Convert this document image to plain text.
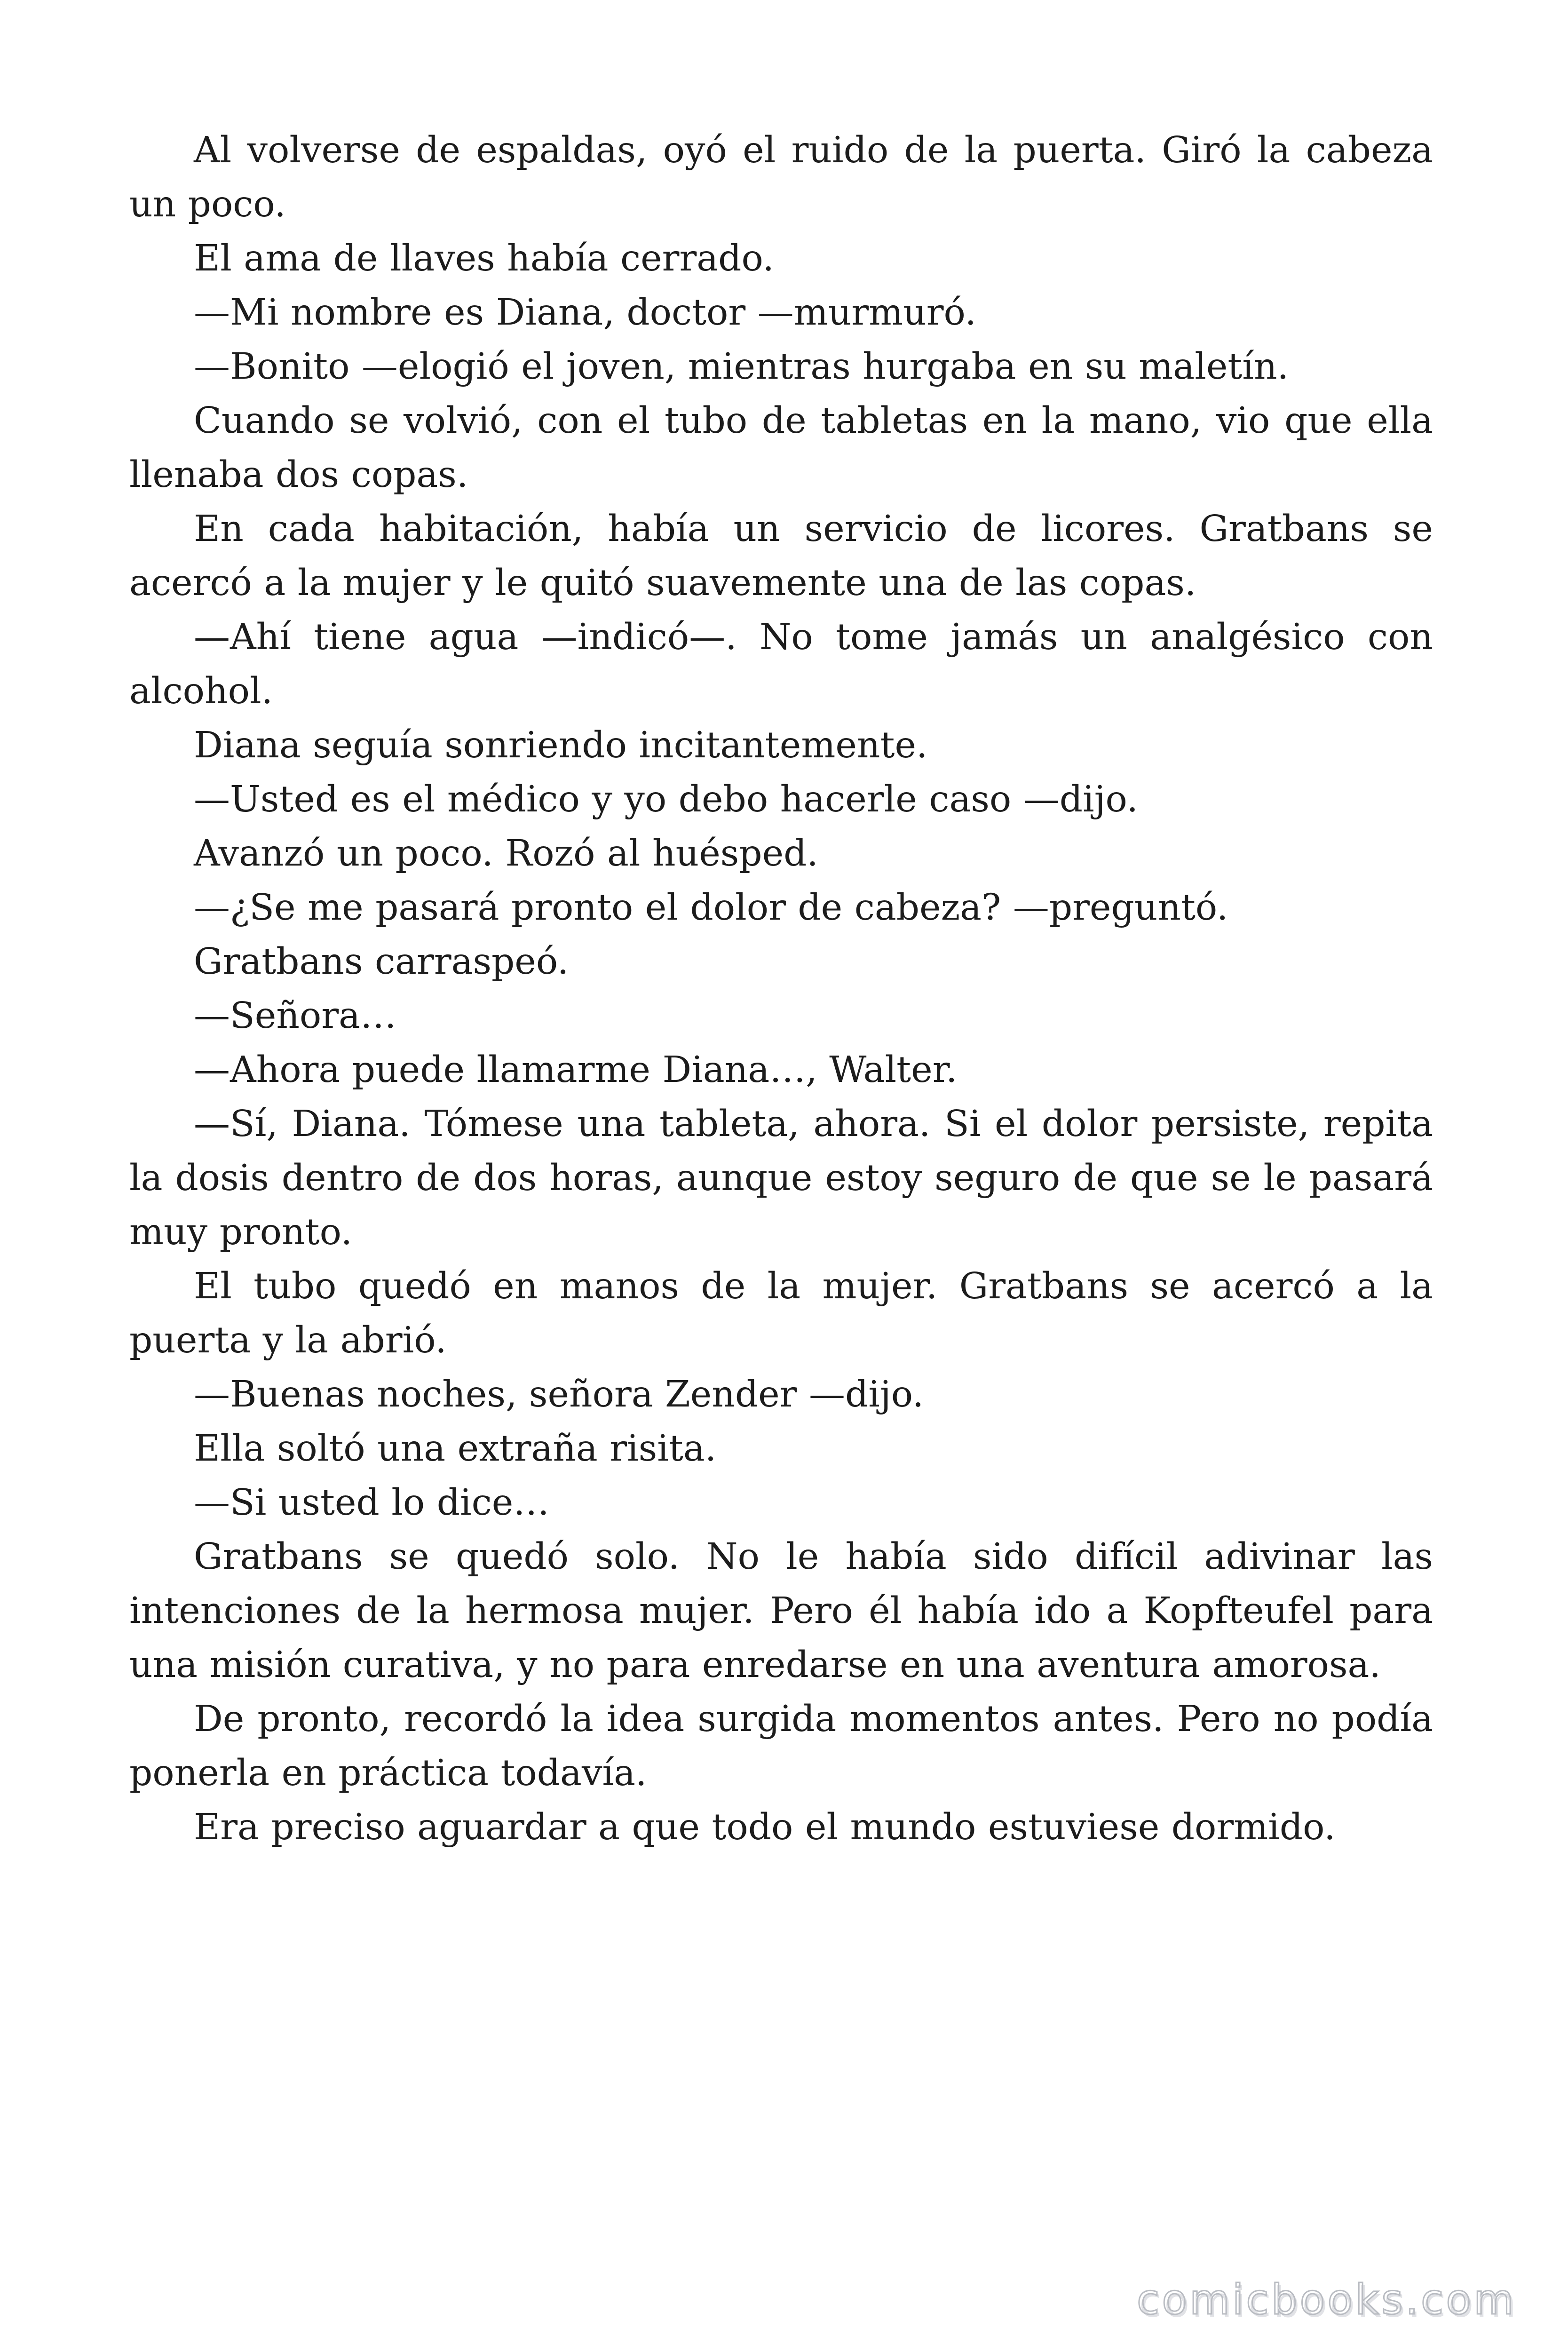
Al volverse de espaldas, oyó el ruido de la puerta. Giró la cabeza un poco.

El ama de llaves había cerrado.

—Mi nombre es Diana, doctor —murmuró.

—Bonito —elogió el joven, mientras hurgaba en su maletín.

Cuando se volvió, con el tubo de tabletas en la mano, vio que ella llenaba dos copas.

En cada habitación, había un servicio de licores. Gratbans se acercó a la mujer y le quitó suavemente una de las copas.

—Ahí tiene agua —indicó—. No tome jamás un analgésico con alcohol.

Diana seguía sonriendo incitantemente.

—Usted es el médico y yo debo hacerle caso —dijo.

Avanzó un poco. Rozó al huésped.

—¿Se me pasará pronto el dolor de cabeza? —preguntó.

Gratbans carraspeó.

—Señora…

—Ahora puede llamarme Diana…, Walter.

—Sí, Diana. Tómese una tableta, ahora. Si el dolor persiste, repita la dosis dentro de dos horas, aunque estoy seguro de que se le pasará muy pronto.

El tubo quedó en manos de la mujer. Gratbans se acercó a la puerta y la abrió.

—Buenas noches, señora Zender —dijo.

Ella soltó una extraña risita.

—Si usted lo dice…

Gratbans se quedó solo. No le había sido difícil adivinar las intenciones de la hermosa mujer. Pero él había ido a Kopfteufel para una misión curativa, y no para enredarse en una aventura amorosa.

De pronto, recordó la idea surgida momentos antes. Pero no podía ponerla en práctica todavía.

Era preciso aguardar a que todo el mundo estuviese dormido.

comicbooks.com
